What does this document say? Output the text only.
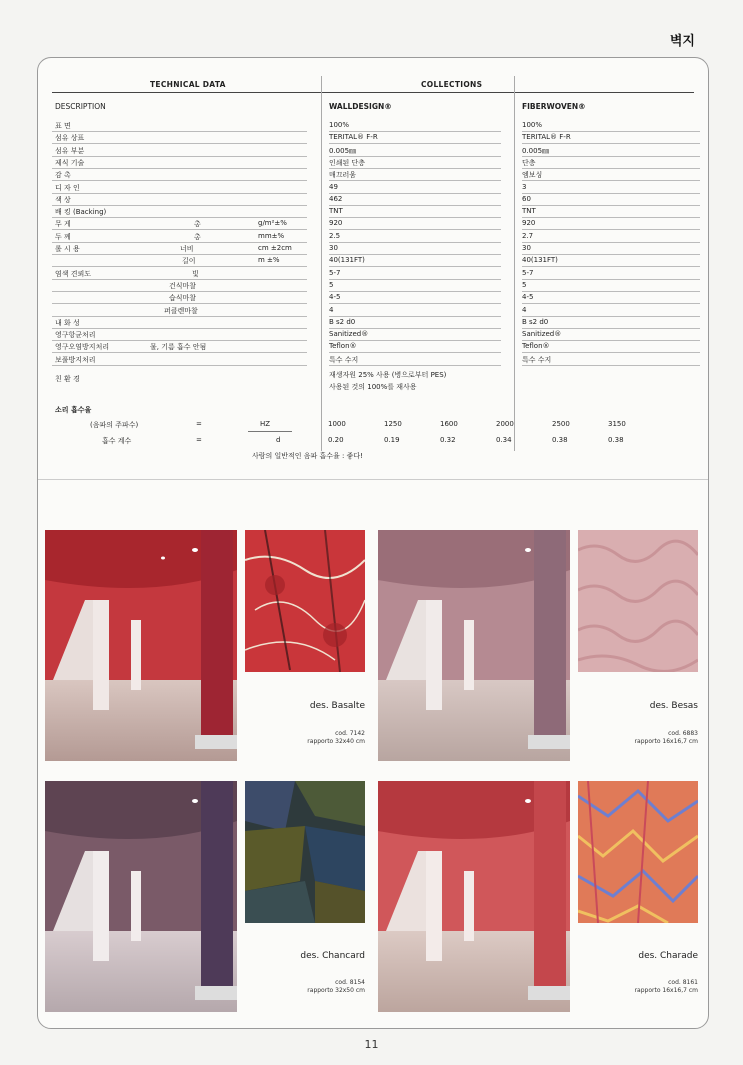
벽지
TECHNICAL DATA	COLLECTIONS
DESCRIPTION	WALLDESIGN®	FIBERWOVEN®
표 면	100%	100%
섬유 상표	TERITAL® F-R	TERITAL® F-R
섬유 부분	0.005㎜	0.005㎜
제식 기술	인쇄된 단층	단층
감 촉	매끄러움	엠보싱
디 자 인	49	3
색 상	462	60
배 킹 (Backing)	TNT	TNT
무 게	총	g/m²±%	920	920
두 께	총	mm±%	2.5	2.7
롤 시 용	너비	cm ±2cm	30	30
길이	m ±%	40(131FT)	40(131FT)
염색 견뢰도	빛	5-7	5-7
건식마찰	5	5
습식마찰	4-5	4-5
퍼클렌마찰	4	4
내 화 성	B s2 d0	B s2 d0
영구항균처리	Sanitized®	Sanitized®
영구오염방지처리	물, 기름 흡수 안됨	Teflon®	Teflon®
보풀방지처리	특수 수지	특수 수지
친 환 경	재생자원 25% 사용 (병으로부터 PES)
사용된 것의 100%를 재사용
소리 흡수율
(음파의 주파수)	=	HZ	1000	1250	1600	2000	2500	3150
흡수 계수	=	d	0.20	0.19	0.32	0.34	0.38	0.38
사람의 일반적인 음파 흡수율 : 좋다!
des. Basalte
cod. 7142
rapporto 32x40 cm
des. Besas
cod. 6883
rapporto 16x16,7 cm
des. Chancard
cod. 8154
rapporto 32x50 cm
des. Charade
cod. 8161
rapporto 16x16,7 cm
11
